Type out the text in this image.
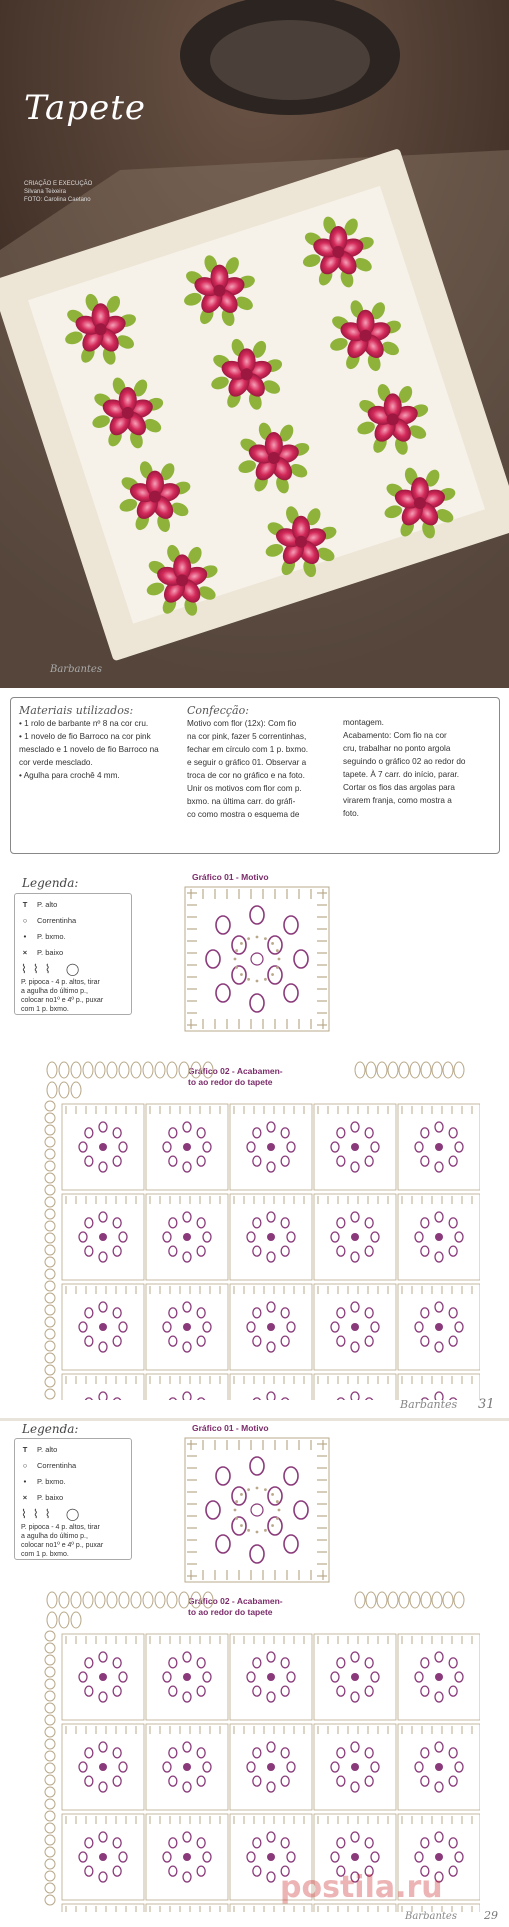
Tapete
CRIAÇÃO E EXECUÇÃO
Silvana Teixeira
FOTO: Carolina Caetano
Barbantes
Materiais utilizados:
• 1 rolo de barbante nº 8 na cor cru.
• 1 novelo de fio Barroco na cor pink
mesclado e 1 novelo de fio Barroco na
cor verde mesclado.
• Agulha para crochê 4 mm.
Confecção:
Motivo com flor (12x): Com fio
na cor pink, fazer 5 correntinhas,
fechar em círculo com 1 p. bxmo.
e seguir o gráfico 01. Observar a
troca de cor no gráfico e na foto.
Unir os motivos com flor com p.
bxmo. na última carr. do gráfi-
co como mostra o esquema de
montagem.
Acabamento: Com fio na cor
cru, trabalhar no ponto argola
seguindo o gráfico 02 ao redor do
tapete. À 7 carr. do início, parar.
Cortar os fios das argolas para
virarem franja, como mostra a
foto.
Legenda:
T P. alto
○ Correntinha
•	P. bxmo.
× P. baixo
⌇⌇⌇ ◯
P. pipoca - 4 p. altos, tirar
a agulha do último p.,
colocar no1º e 4º p., puxar
com 1 p. bxmo.
Gráfico 01 - Motivo
Gráfico 02 - Acabamen-
to ao redor do tapete
Barbantes 31
Legenda:
T P. alto
○ Correntinha
•	P. bxmo.
× P. baixo
⌇⌇⌇ ◯
P. pipoca - 4 p. altos, tirar
a agulha do último p.,
colocar no1º e 4º p., puxar
com 1 p. bxmo.
Gráfico 01 - Motivo
Gráfico 02 - Acabamen-
to ao redor do tapete
postila.ru
Barbantes 29
